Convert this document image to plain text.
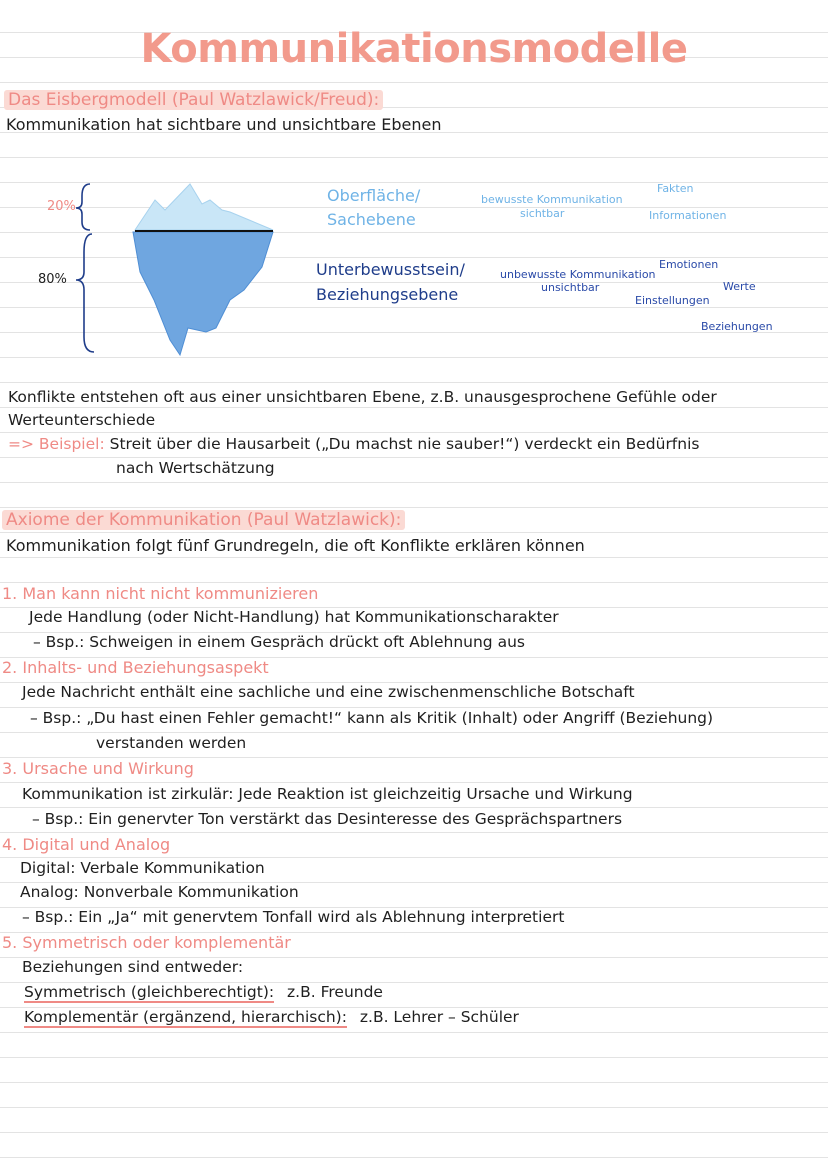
Kommunikationsmodelle
Das Eisbergmodell (Paul Watzlawick/Freud):
Kommunikation hat sichtbare und unsichtbare Ebenen
20%
80%
Oberfläche/
Sachebene
Unterbewusstsein/
Beziehungsebene
bewusste Kommunikation
sichtbar
Fakten
Informationen
unbewusste Kommunikation
unsichtbar
Emotionen
Werte
Einstellungen
Beziehungen
Konflikte entstehen oft aus einer unsichtbaren Ebene, z.B. unausgesprochene Gefühle oder
Werteunterschiede
=> Beispiel: Streit über die Hausarbeit („Du machst nie sauber!“) verdeckt ein Bedürfnis
nach Wertschätzung
Axiome der Kommunikation (Paul Watzlawick):
Kommunikation folgt fünf Grundregeln, die oft Konflikte erklären können
1. Man kann nicht nicht kommunizieren
Jede Handlung (oder Nicht-Handlung) hat Kommunikationscharakter
– Bsp.: Schweigen in einem Gespräch drückt oft Ablehnung aus
2. Inhalts- und Beziehungsaspekt
Jede Nachricht enthält eine sachliche und eine zwischenmenschliche Botschaft
– Bsp.: „Du hast einen Fehler gemacht!“ kann als Kritik (Inhalt) oder Angriff (Beziehung)
verstanden werden
3. Ursache und Wirkung
Kommunikation ist zirkulär: Jede Reaktion ist gleichzeitig Ursache und Wirkung
– Bsp.: Ein genervter Ton verstärkt das Desinteresse des Gesprächspartners
4. Digital und Analog
Digital: Verbale Kommunikation
Analog: Nonverbale Kommunikation
– Bsp.: Ein „Ja“ mit genervtem Tonfall wird als Ablehnung interpretiert
5. Symmetrisch oder komplementär
Beziehungen sind entweder:
Symmetrisch (gleichberechtigt): z.B. Freunde
Komplementär (ergänzend, hierarchisch): z.B. Lehrer – Schüler
